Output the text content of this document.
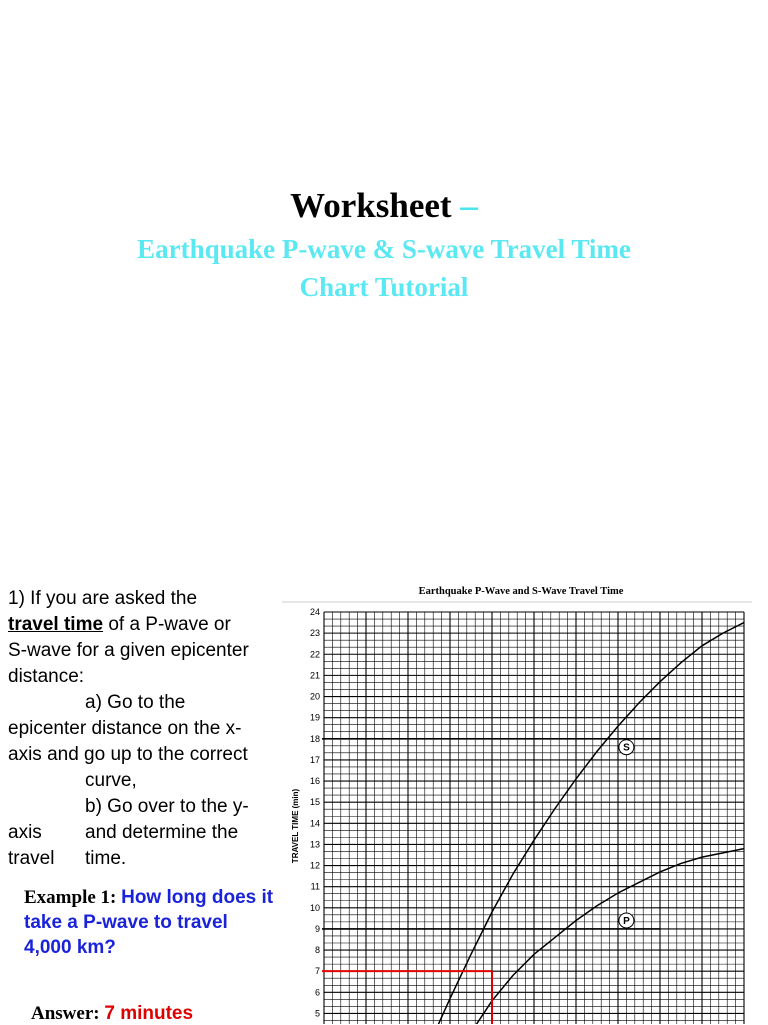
Worksheet –
Earthquake P-wave & S-wave Travel Time
Chart Tutorial

1) If you are asked the

travel time of a P-wave or

S-wave for a given epicenter

distance:

a) Go to the

epicenter distance on the x-

axis and go up to the correct

curve,

b) Go over to the y-

axis	and determine the
travel	time.
Example 1: How long does it take a P-wave to travel 4,000 km?
Answer: 7 minutes
Earthquake P-Wave and S-Wave Travel Time
5
6
7
8
9
10
11
12
13
14
15
16
17
18
19
20
21
22
23
24
S
P
TRAVEL TIME (min)
